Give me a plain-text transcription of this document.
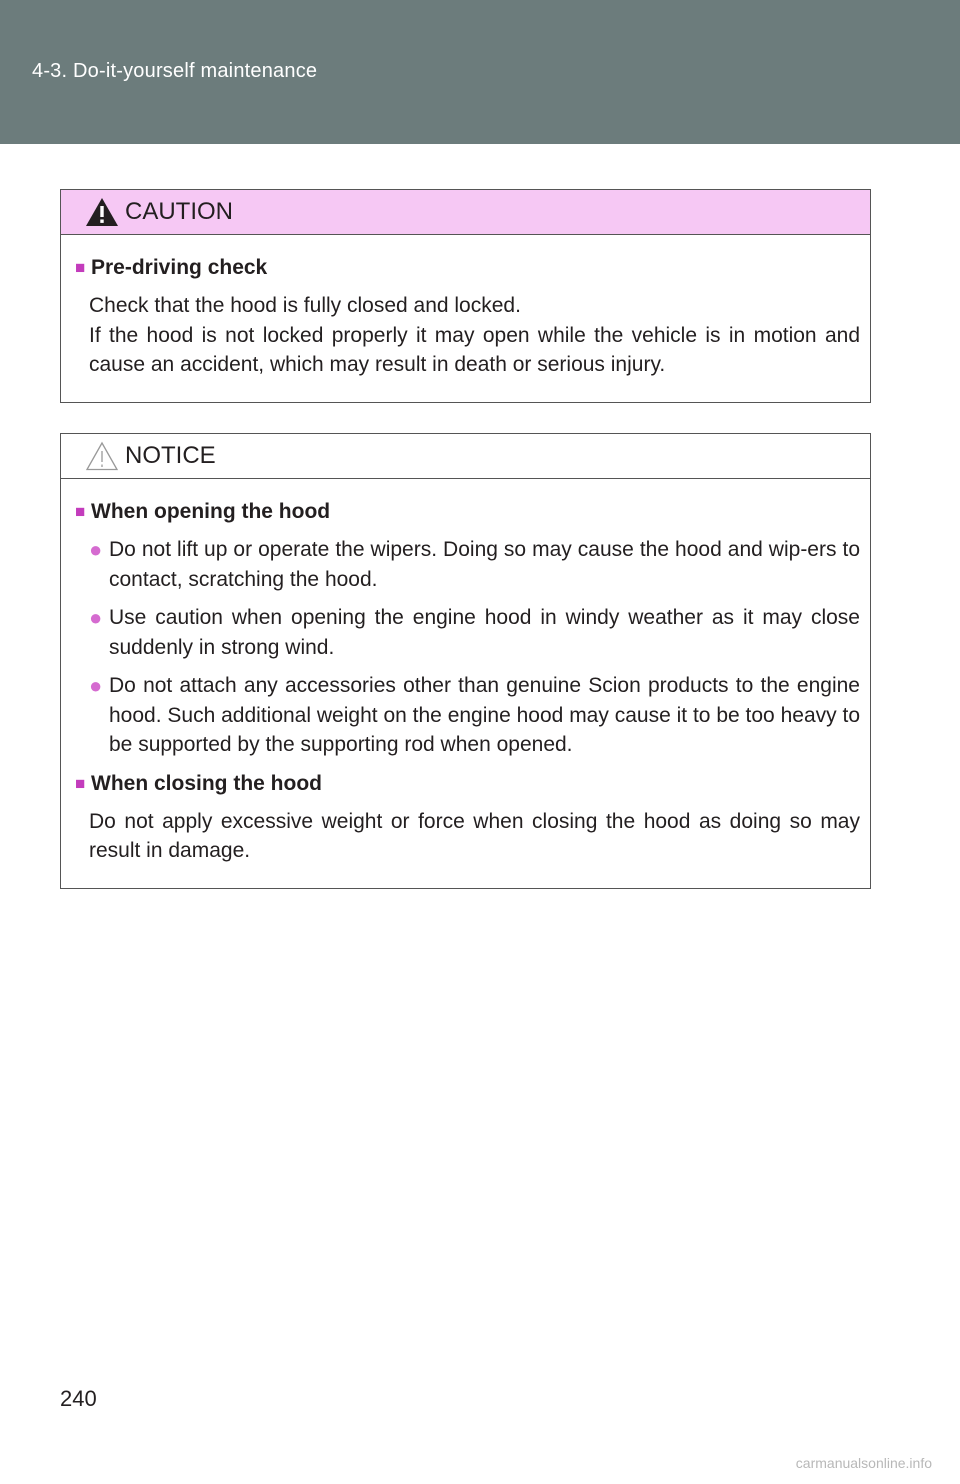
4-3. Do-it-yourself maintenance
CAUTION
■ Pre-driving check
Check that the hood is fully closed and locked.
If the hood is not locked properly it may open while the vehicle is in motion and cause an accident, which may result in death or serious injury.
NOTICE
■ When opening the hood
● Do not lift up or operate the wipers. Doing so may cause the hood and wip-ers to contact, scratching the hood.
● Use caution when opening the engine hood in windy weather as it may close suddenly in strong wind.
● Do not attach any accessories other than genuine Scion products to the engine hood. Such additional weight on the engine hood may cause it to be too heavy to be supported by the supporting rod when opened.
■ When closing the hood
Do not apply excessive weight or force when closing the hood as doing so may result in damage.
240
carmanualsonline.info
